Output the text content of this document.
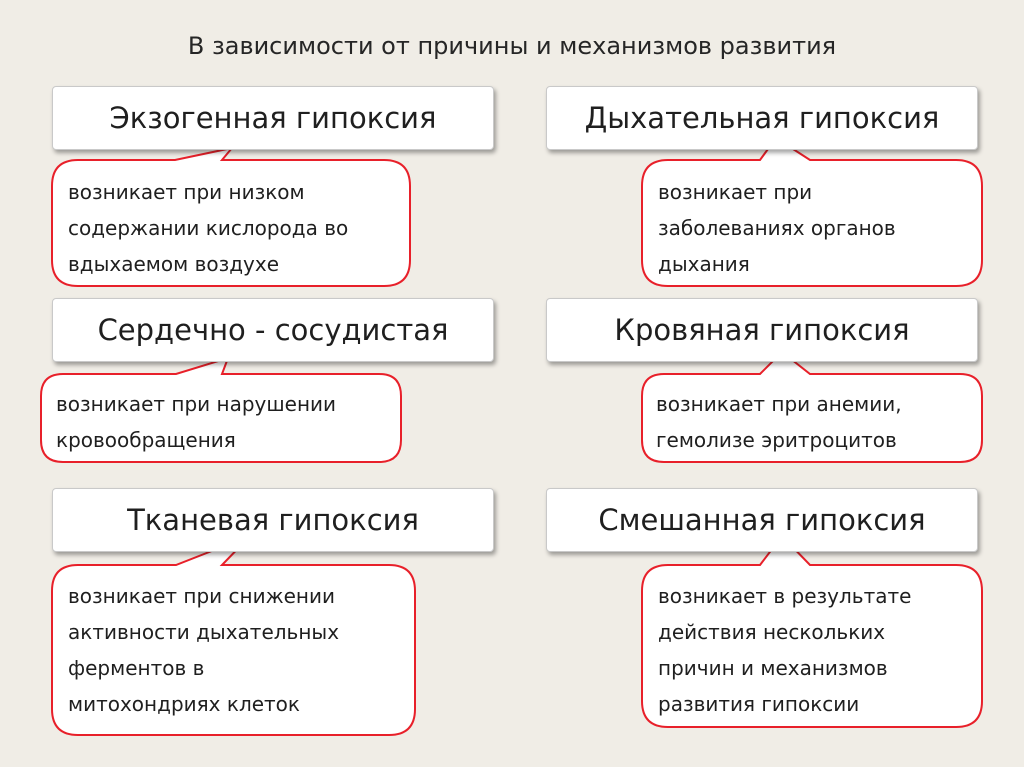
В зависимости от причины и механизмов развития
Экзогенная гипоксия	Дыхательная гипоксия
Сердечно - сосудистая	Кровяная гипоксия
Тканевая гипоксия	Смешанная гипоксия
возникает при низком
содержании кислорода во
вдыхаемом воздухе
возникает при
заболеваниях органов
дыхания
возникает при нарушении
кровообращения
возникает при анемии,
гемолизе эритроцитов
возникает при снижении
активности дыхательных
ферментов в
митохондриях клеток
возникает в результате
действия нескольких
причин и механизмов
развития гипоксии
